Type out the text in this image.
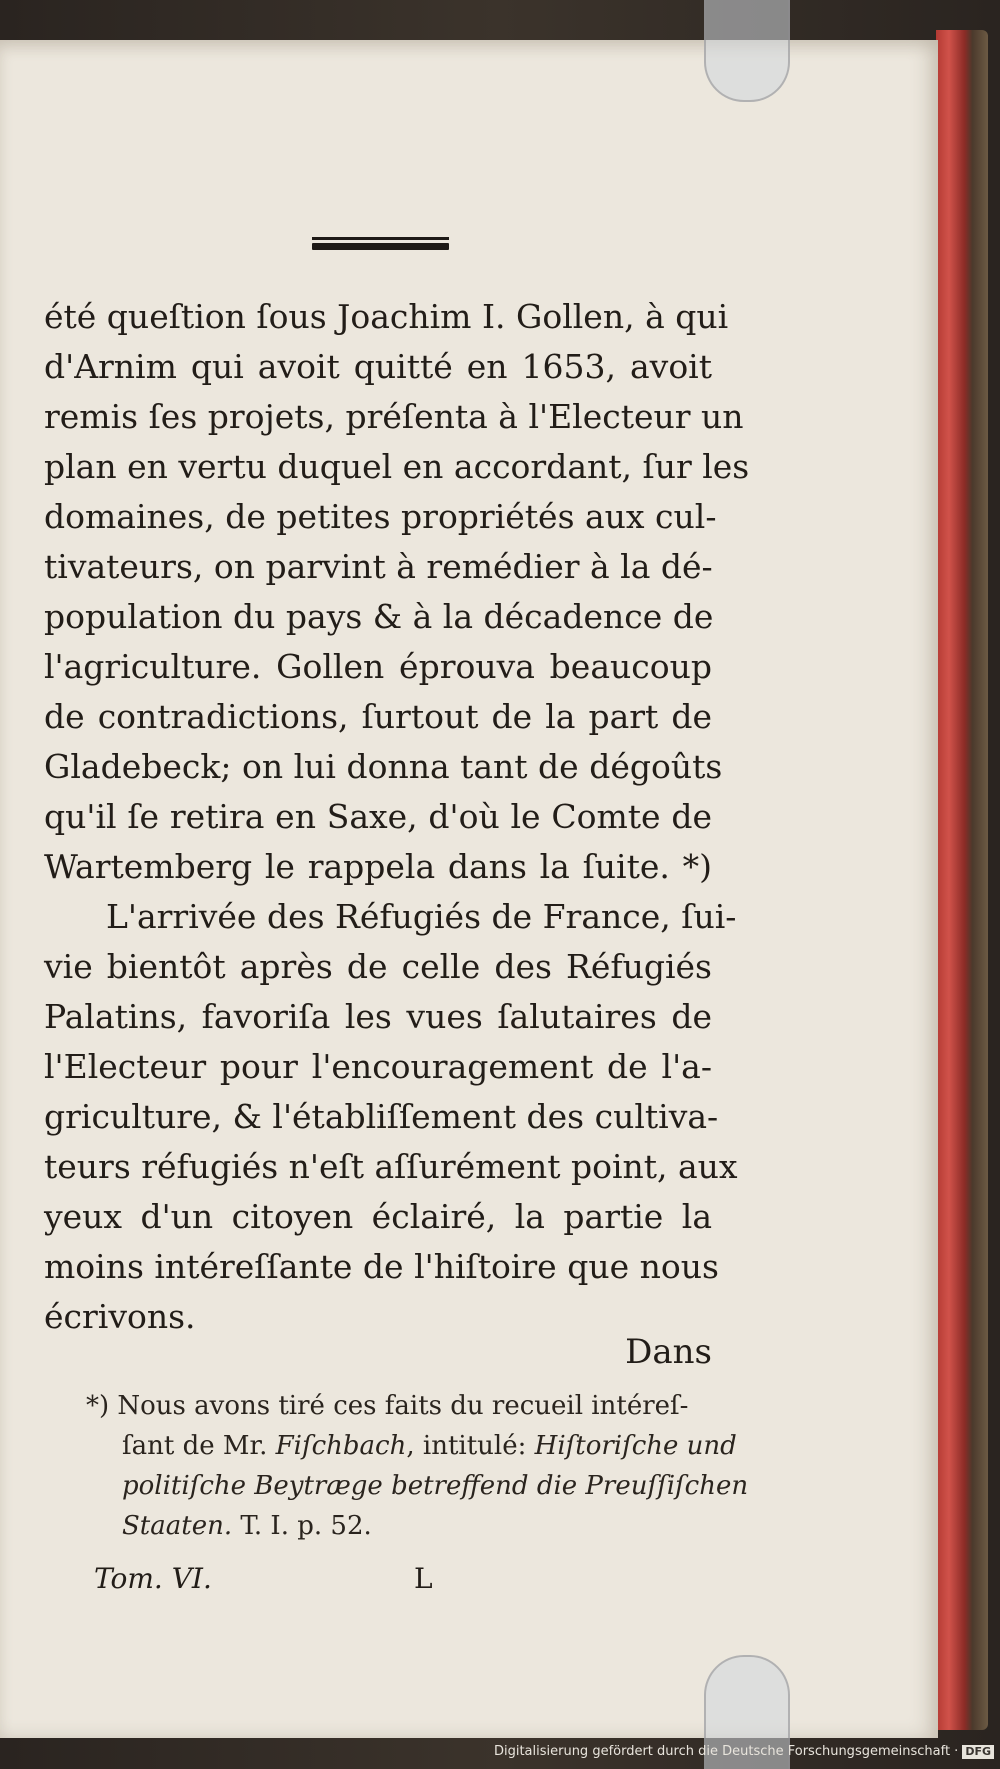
été queſtion ſous Joachim I. Gollen, à qui
d'Arnim qui avoit quitté en 1653, avoit
remis ſes projets, préſenta à l'Electeur un
plan en vertu duquel en accordant, ſur les
domaines, de petites propriétés aux cul-
tivateurs, on parvint à remédier à la dé-
population du pays & à la décadence de
l'agriculture. Gollen éprouva beaucoup
de contradictions, ſurtout de la part de
Gladebeck; on lui donna tant de dégoûts
qu'il ſe retira en Saxe, d'où le Comte de
Wartemberg le rappela dans la ſuite. *)
L'arrivée des Réfugiés de France, ſui-
vie bientôt après de celle des Réfugiés
Palatins, favoriſa les vues ſalutaires de
l'Electeur pour l'encouragement de l'a-
griculture, & l'établiſſement des cultiva-
teurs réfugiés n'eſt aſſurément point, aux
yeux d'un citoyen éclairé, la partie la
moins intéreſſante de l'hiſtoire que nous
écrivons.
Dans
*) Nous avons tiré ces faits du recueil intéreſ-
ſant de Mr. Fiſchbach, intitulé: Hiſtoriſche und
politiſche Beytræge betreffend die Preuſſiſchen
Staaten. T. I. p. 52.
Tom. VI.	L
Digitalisierung gefördert durch die Deutsche Forschungsgemeinschaft · DFG
